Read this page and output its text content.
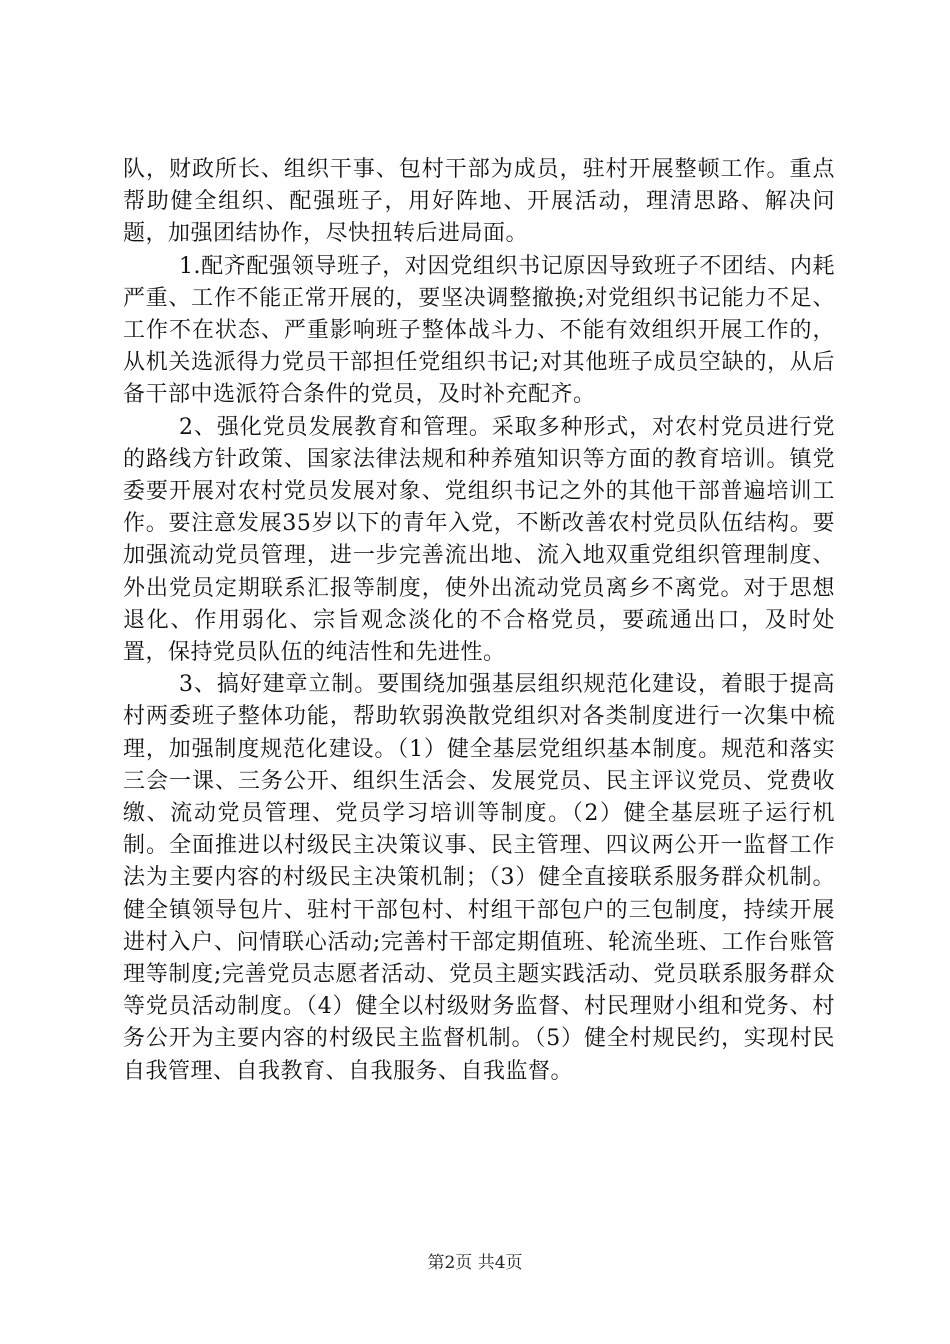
队，财政所长、组织干事、包村干部为成员，驻村开展整顿工作。重点帮助健全组织、配强班子，用好阵地、开展活动，理清思路、解决问题，加强团结协作，尽快扭转后进局面。

1.配齐配强领导班子，对因党组织书记原因导致班子不团结、内耗严重、工作不能正常开展的，要坚决调整撤换;对党组织书记能力不足、工作不在状态、严重影响班子整体战斗力、不能有效组织开展工作的，从机关选派得力党员干部担任党组织书记;对其他班子成员空缺的，从后备干部中选派符合条件的党员，及时补充配齐。

2、强化党员发展教育和管理。采取多种形式，对农村党员进行党的路线方针政策、国家法律法规和种养殖知识等方面的教育培训。镇党委要开展对农村党员发展对象、党组织书记之外的其他干部普遍培训工作。要注意发展35岁以下的青年入党，不断改善农村党员队伍结构。要加强流动党员管理，进一步完善流出地、流入地双重党组织管理制度、外出党员定期联系汇报等制度，使外出流动党员离乡不离党。对于思想退化、作用弱化、宗旨观念淡化的不合格党员，要疏通出口，及时处置，保持党员队伍的纯洁性和先进性。

3、搞好建章立制。要围绕加强基层组织规范化建设，着眼于提高村两委班子整体功能，帮助软弱涣散党组织对各类制度进行一次集中梳理，加强制度规范化建设。（1）健全基层党组织基本制度。规范和落实三会一课、三务公开、组织生活会、发展党员、民主评议党员、党费收缴、流动党员管理、党员学习培训等制度。（2）健全基层班子运行机制。全面推进以村级民主决策议事、民主管理、四议两公开一监督工作法为主要内容的村级民主决策机制；（3）健全直接联系服务群众机制。健全镇领导包片、驻村干部包村、村组干部包户的三包制度，持续开展进村入户、问情联心活动;完善村干部定期值班、轮流坐班、工作台账管理等制度;完善党员志愿者活动、党员主题实践活动、党员联系服务群众等党员活动制度。（4）健全以村级财务监督、村民理财小组和党务、村务公开为主要内容的村级民主监督机制。（5）健全村规民约，实现村民自我管理、自我教育、自我服务、自我监督。

第2页 共4页
